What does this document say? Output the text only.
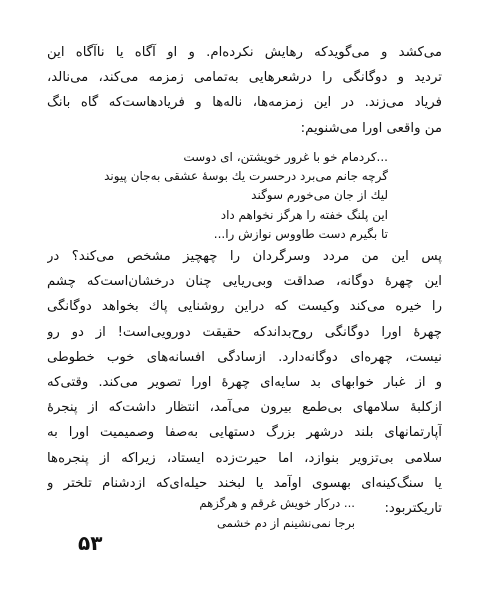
می‌کشد و می‌گویدکه رهایش نکرده‌ام. و او آگاه یا ناآگاه این
تردید و دوگانگی را درشعرهایی به‌تمامی زمزمه می‌کند، می‌نالد،
فریاد می‌زند. در این زمزمه‌ها، ناله‌ها و فریادهاست‌که گاه بانگ
من واقعی اورا می‌شنویم:
...کردمام خو با غرور خویشتن، ای دوست
گرچه جانم می‌برد درحسرت یك بوسهٔ عشقی به‌جان پیوند
لیك از جان می‌خورم سوگند
این پلنگ خفته را هرگز نخواهم داد
تا بگیرم دست طاووس نوازش را...
پس این من مردد وسرگردان را چهچیز مشخص می‌کند؟ در
این چهرهٔ دوگانه، صداقت وبی‌ریایی چنان درخشان‌است‌که چشم
را خیره می‌کند وکیست که دراین روشنایی پاك بخواهد دوگانگی
چهرهٔ اورا دوگانگی روح‌بداندکه حقیقت دورویی‌است! از دو رو
نیست، چهره‌ای دوگانه‌دارد. ازسادگی افسانه‌های خوب خطوطی
و از غبار خوابهای بد سایه‌ای چهرهٔ اورا تصویر می‌کند. وقتی‌که
ازکلبهٔ سلامهای بی‌طمع بیرون می‌آمد، انتظار داشت‌که از پنجرهٔ
آپارتمانهای بلند درشهر بزرگ دستهایی به‌صفا وصمیمیت اورا به
سلامی بی‌تزویر بنوازد، اما حیرت‌زده ایستاد، زیراکه از پنجره‌ها
یا سنگ‌کینه‌ای بهسوی اوآمد یا لبخند حیله‌ای‌که ازدشنام تلختر و
تاریکتربود:
... درکار خویش غرقم و هرگزهم
برجا نمی‌نشینم از دم خشمی
۵۳
